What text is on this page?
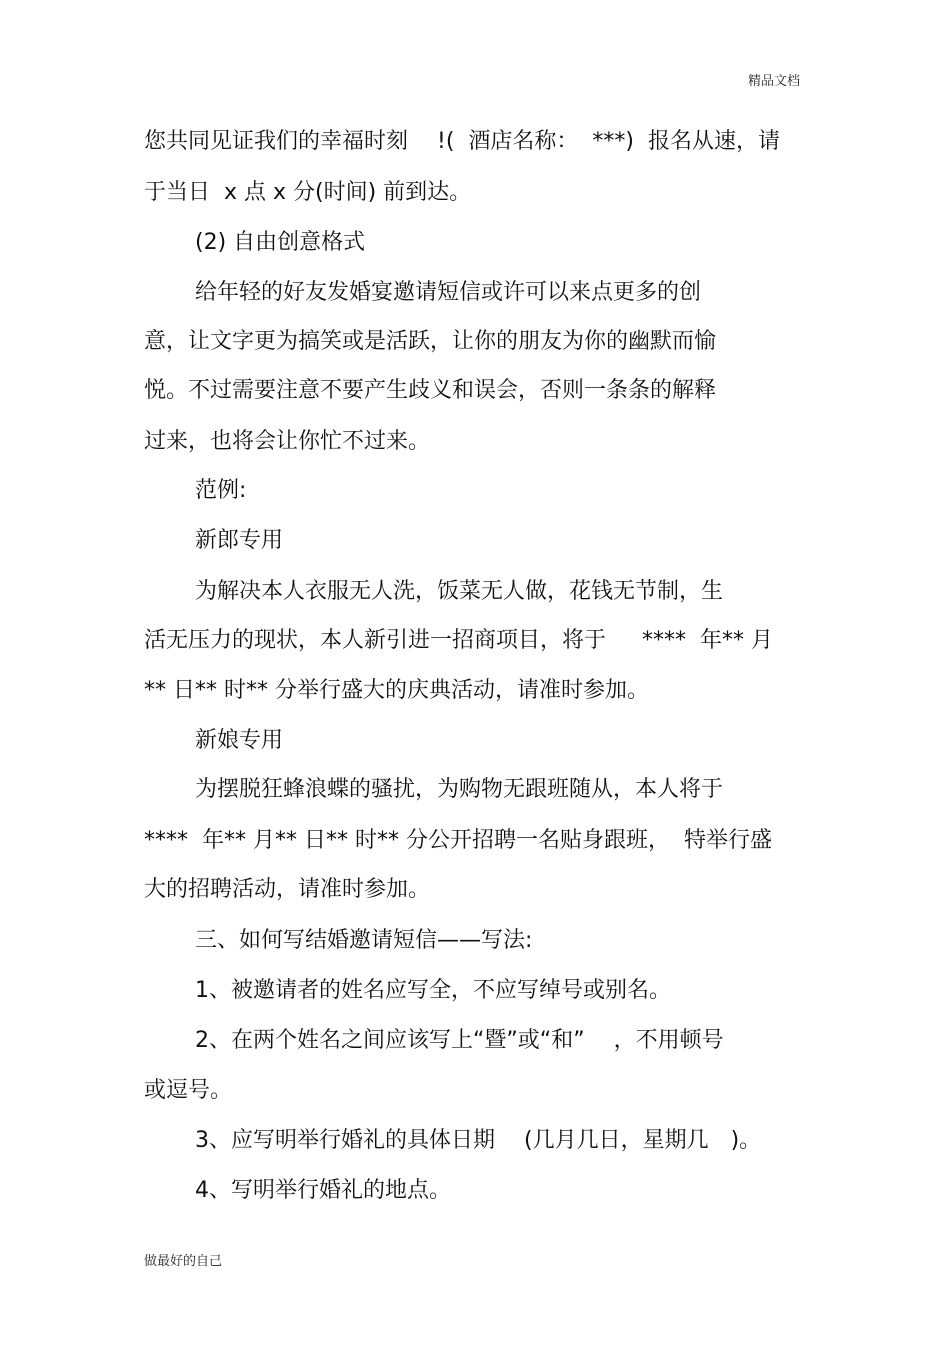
精品文档
您共同见证我们的幸福时刻　 !(  酒店名称：  ***)  报名从速，请
于当日  x 点 x 分(时间) 前到达。
(2) 自由创意格式
给年轻的好友发婚宴邀请短信或许可以来点更多的创
意，让文字更为搞笑或是活跃，让你的朋友为你的幽默而愉
悦。不过需要注意不要产生歧义和误会，否则一条条的解释
过来，也将会让你忙不过来。
范例:
新郎专用
为解决本人衣服无人洗，饭菜无人做，花钱无节制，生
活无压力的现状，本人新引进一招商项目，将于 　 ****  年** 月
** 日** 时** 分举行盛大的庆典活动，请准时参加。
新娘专用
为摆脱狂蜂浪蝶的骚扰，为购物无跟班随从，本人将于
****  年** 月** 日** 时** 分公开招聘一名贴身跟班，  特举行盛
大的招聘活动，请准时参加。
三、如何写结婚邀请短信——写法:
1、被邀请者的姓名应写全，不应写绰号或别名。
2、在两个姓名之间应该写上“暨”或“和”　 ，不用顿号
或逗号。
3、应写明举行婚礼的具体日期 　(几月几日，星期几　)。
4、写明举行婚礼的地点。
做最好的自己
